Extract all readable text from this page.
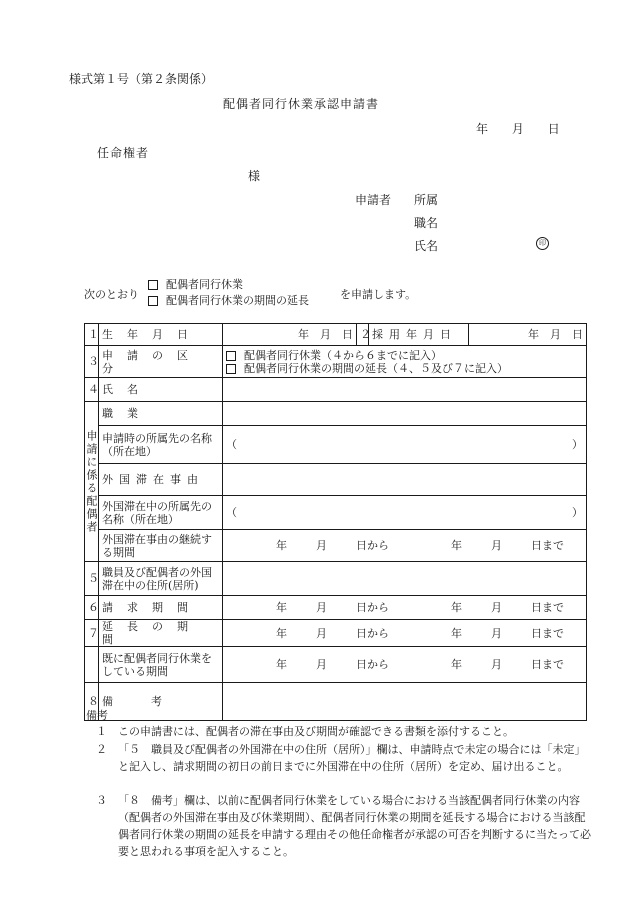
様式第１号（第２条関係）
配偶者同行休業承認申請書
年 月 日
任命権者
様
申請者 所属
職名
氏名	印
次のとおり
配偶者同行休業
配偶者同行休業の期間の延長	を申請します。
１	生年月日	年　月　日	２	採用年月日	年　月　日
３	申請の区分	配偶者同行休業（４から６までに記入）
配偶者同行休業の期間の延長（４、５及び７に記入）			

４	氏名				
申請に係る配偶者	職業				
	申請時の所属先の名称（所在地）	（ ）			

	外国滞在事由				
	外国滞在中の所属先の名称（所在地）	（ ）			

	外国滞在事由の継続する期間	年 月 日から 年 月 日まで			
５	職員及び配偶者の外国滞在中の住所(居所)				
６	請求期間	年 月 日から 年 月 日まで			
７	延長の期間	年 月 日から 年 月 日まで			
	既に配偶者同行休業をしている期間	年 月 日から 年 月 日まで			
８	備考				
備考
１ この申請書には、配偶者の滞在事由及び期間が確認できる書類を添付すること。
２ 「５　職員及び配偶者の外国滞在中の住所（居所）」欄は、申請時点で未定の場合には「未定」と記入し、請求期間の初日の前日までに外国滞在中の住所（居所）を定め、届け出ること。
３ 「８　備考」欄は、以前に配偶者同行休業をしている場合における当該配偶者同行休業の内容（配偶者の外国滞在事由及び休業期間）、配偶者同行休業の期間を延長する場合における当該配偶者同行休業の期間の延長を申請する理由その他任命権者が承認の可否を判断するに当たって必要と思われる事項を記入すること。
